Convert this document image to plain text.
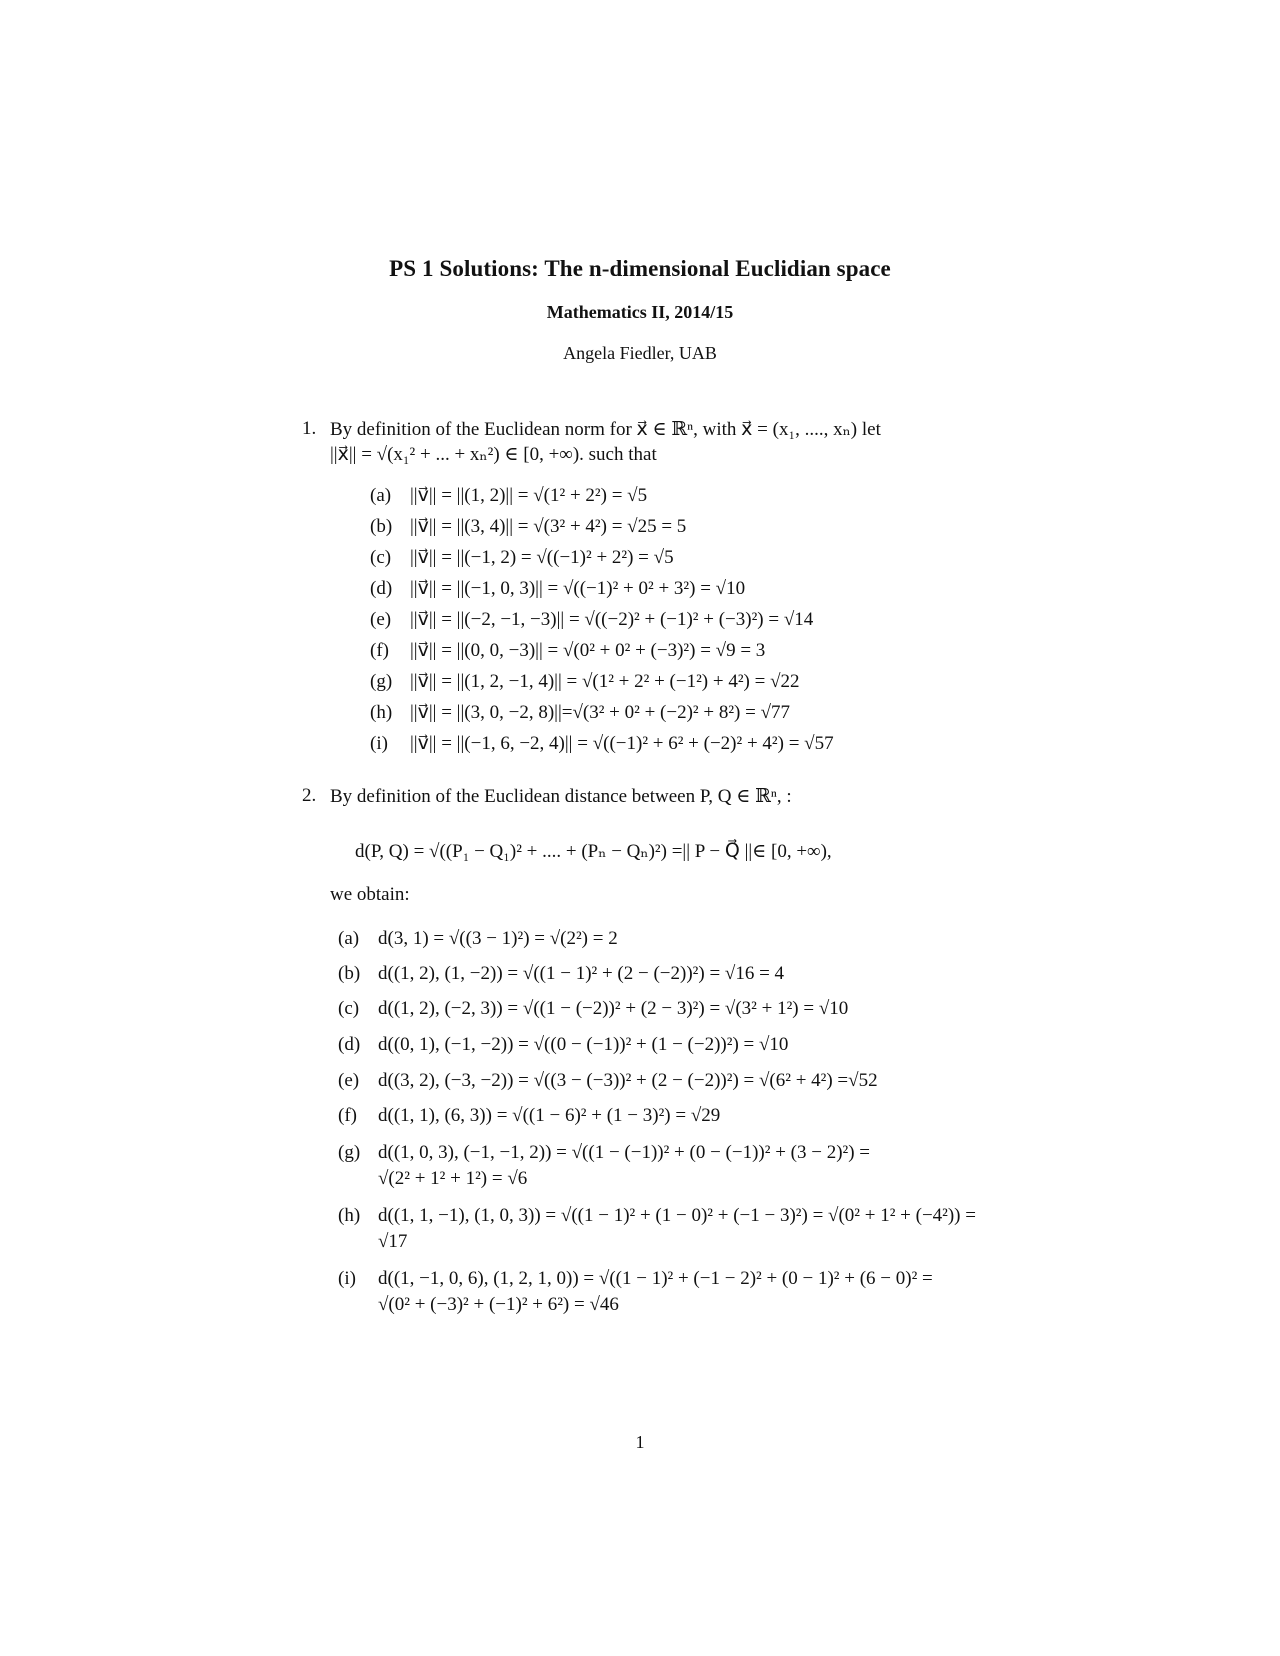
PS 1 Solutions: The n-dimensional Euclidian space
Mathematics II, 2014/15
Angela Fiedler, UAB
1. By definition of the Euclidean norm for x⃗ ∈ ℝⁿ, with x⃗ = (x₁, ...., xₙ) let
||x⃗|| = √(x₁² + ... + xₙ²) ∈ [0, +∞). such that
(a) ||v⃗|| = ||(1, 2)|| = √(1² + 2²) = √5
(b) ||v⃗|| = ||(3, 4)|| = √(3² + 4²) = √25 = 5
(c) ||v⃗|| = ||(−1, 2) = √((−1)² + 2²) = √5
(d) ||v⃗|| = ||(−1, 0, 3)|| = √((−1)² + 0² + 3²) = √10
(e) ||v⃗|| = ||(−2, −1, −3)|| = √((−2)² + (−1)² + (−3)²) = √14
(f) ||v⃗|| = ||(0, 0, −3)|| = √(0² + 0² + (−3)²) = √9 = 3
(g) ||v⃗|| = ||(1, 2, −1, 4)|| = √(1² + 2² + (−1²) + 4²) = √22
(h) ||v⃗|| = ||(3, 0, −2, 8)||=√(3² + 0² + (−2)² + 8²) = √77
(i) ||v⃗|| = ||(−1, 6, −2, 4)|| = √((−1)² + 6² + (−2)² + 4²) = √57
2. By definition of the Euclidean distance between P, Q ∈ ℝⁿ, :
d(P, Q) = √((P₁ − Q₁)² + .... + (Pₙ − Qₙ)²) =|| P − Q⃗ ||∈ [0, +∞),
we obtain:
(a) d(3, 1) = √((3 − 1)²) = √(2²) = 2
(b) d((1, 2), (1, −2)) = √((1 − 1)² + (2 − (−2))²) = √16 = 4
(c) d((1, 2), (−2, 3)) = √((1 − (−2))² + (2 − 3)²) = √(3² + 1²) = √10
(d) d((0, 1), (−1, −2)) = √((0 − (−1))² + (1 − (−2))²) = √10
(e) d((3, 2), (−3, −2)) = √((3 − (−3))² + (2 − (−2))²) = √(6² + 4²) =√52
(f) d((1, 1), (6, 3)) = √((1 − 6)² + (1 − 3)²) = √29
(g) d((1, 0, 3), (−1, −1, 2)) = √((1 − (−1))² + (0 − (−1))² + (3 − 2)²) =
√(2² + 1² + 1²) = √6
(h) d((1, 1, −1), (1, 0, 3)) = √((1 − 1)² + (1 − 0)² + (−1 − 3)²) = √(0² + 1² + (−4²)) =
√17
(i) d((1, −1, 0, 6), (1, 2, 1, 0)) = √((1 − 1)² + (−1 − 2)² + (0 − 1)² + (6 − 0)² =
√(0² + (−3)² + (−1)² + 6²) = √46
1
